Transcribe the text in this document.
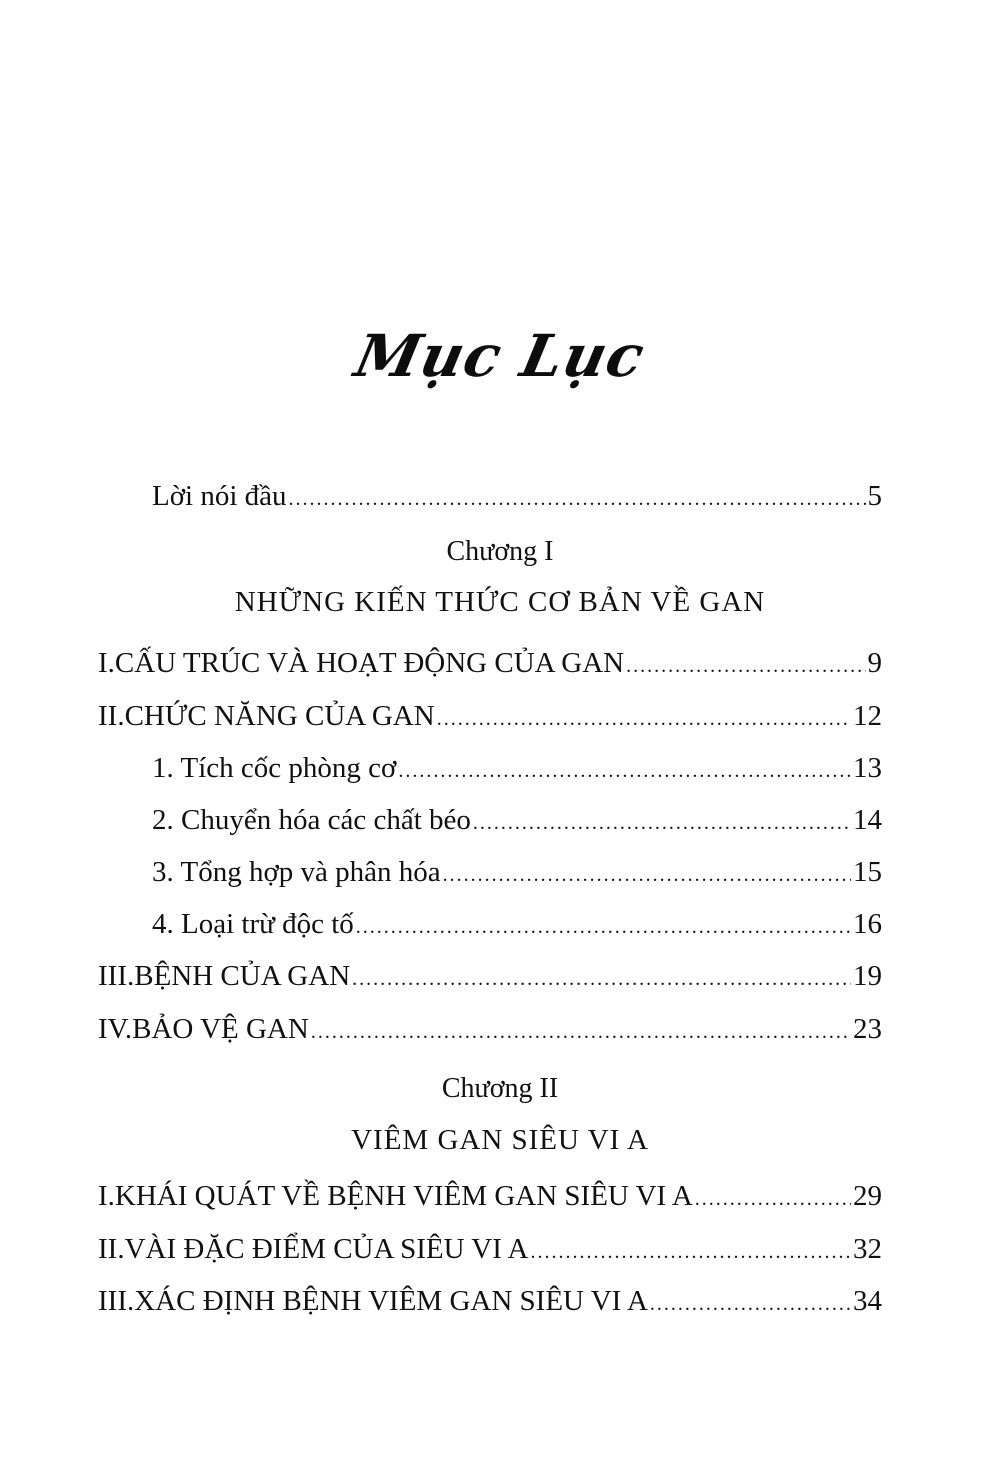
Mục Lục
Lời nói đầu .....	5
Chương I
NHỮNG KIẾN THỨC CƠ BẢN VỀ GAN
I. CẤU TRÚC VÀ HOẠT ĐỘNG CỦA GAN .....	9
II. CHỨC NĂNG CỦA GAN .....	12
1. Tích cốc phòng cơ .....	13
2. Chuyển hóa các chất béo .....	14
3. Tổng hợp và phân hóa .....	15
4. Loại trừ độc tố .....	16
III. BỆNH CỦA GAN .....	19
IV. BẢO VỆ GAN .....	23
Chương II
VIÊM GAN SIÊU VI A
I. KHÁI QUÁT VỀ BỆNH VIÊM GAN SIÊU VI A .....	29
II. VÀI ĐẶC ĐIỂM CỦA SIÊU VI A .....	32
III. XÁC ĐỊNH BỆNH VIÊM GAN SIÊU VI A .....	34
